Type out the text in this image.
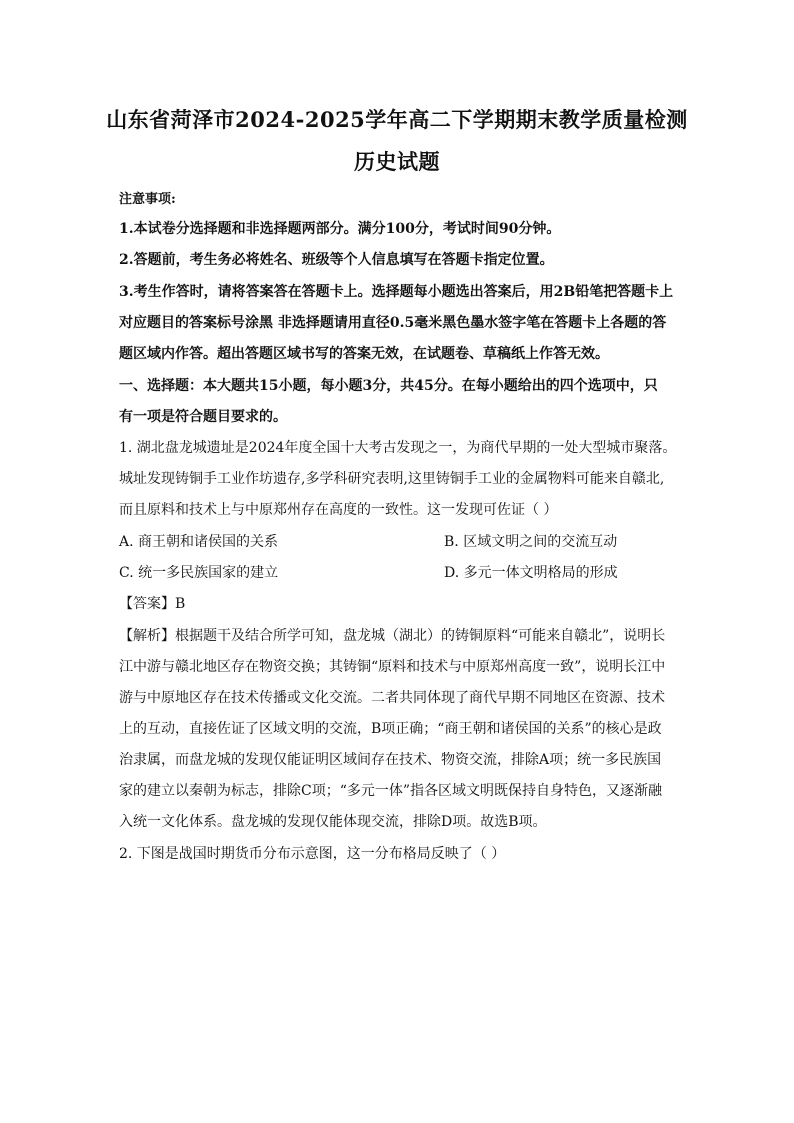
山东省菏泽市2024-2025学年高二下学期期末教学质量检测
历史试题
注意事项:
1.本试卷分选择题和非选择题两部分。满分100分，考试时间90分钟。
2.答题前，考生务必将姓名、班级等个人信息填写在答题卡指定位置。
3.考生作答时，请将答案答在答题卡上。选择题每小题选出答案后，用2B铅笔把答题卡上
对应题目的答案标号涂黑 非选择题请用直径0.5毫米黑色墨水签字笔在答题卡上各题的答
题区域内作答。超出答题区域书写的答案无效，在试题卷、草稿纸上作答无效。
一、选择题：本大题共15小题，每小题3分，共45分。在每小题给出的四个选项中，只
有一项是符合题目要求的。
1. 湖北盘龙城遗址是2024年度全国十大考古发现之一，为商代早期的一处大型城市聚落。
城址发现铸铜手工业作坊遗存,多学科研究表明,这里铸铜手工业的金属物料可能来自赣北,
而且原料和技术上与中原郑州存在高度的一致性。这一发现可佐证（ ）
A. 商王朝和诸侯国的关系	B. 区域文明之间的交流互动
C. 统一多民族国家的建立	D. 多元一体文明格局的形成
【答案】B
【解析】根据题干及结合所学可知，盘龙城（湖北）的铸铜原料“可能来自赣北”，说明长
江中游与赣北地区存在物资交换；其铸铜“原料和技术与中原郑州高度一致”，说明长江中
游与中原地区存在技术传播或文化交流。二者共同体现了商代早期不同地区在资源、技术
上的互动，直接佐证了区域文明的交流，B项正确；“商王朝和诸侯国的关系”的核心是政
治隶属，而盘龙城的发现仅能证明区域间存在技术、物资交流，排除A项；统一多民族国
家的建立以秦朝为标志，排除C项；“多元一体”指各区域文明既保持自身特色，又逐渐融
入统一文化体系。盘龙城的发现仅能体现交流，排除D项。故选B项。
2. 下图是战国时期货币分布示意图，这一分布格局反映了（ ）
